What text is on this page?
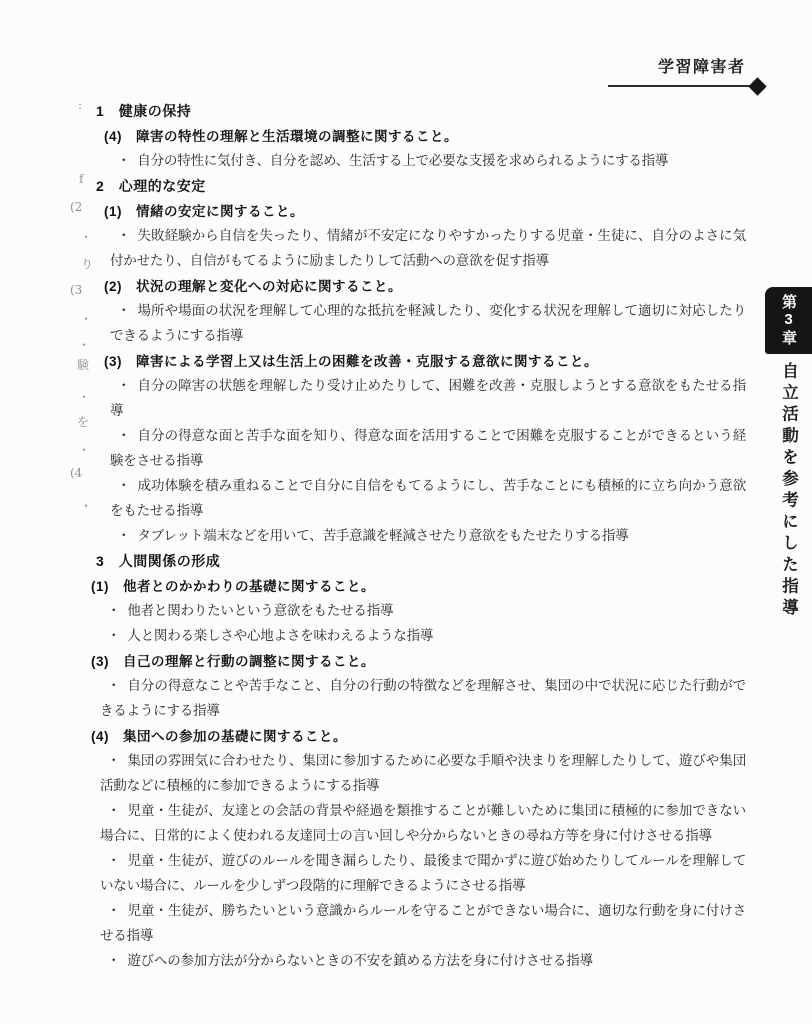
学習障害者
第3章
自立活動を参考にした指導
1　健康の保持
(4)　障害の特性の理解と生活環境の調整に関すること。
・ 自分の特性に気付き、自分を認め、生活する上で必要な支援を求められるようにする指導
2　心理的な安定
(1)　情緒の安定に関すること。
・ 失敗経験から自信を失ったり、情緒が不安定になりやすかったりする児童・生徒に、自分のよさに気付かせたり、自信がもてるように励ましたりして活動への意欲を促す指導
(2)　状況の理解と変化への対応に関すること。
・ 場所や場面の状況を理解して心理的な抵抗を軽減したり、変化する状況を理解して適切に対応したりできるようにする指導
(3)　障害による学習上又は生活上の困難を改善・克服する意欲に関すること。
・ 自分の障害の状態を理解したり受け止めたりして、困難を改善・克服しようとする意欲をもたせる指導
・ 自分の得意な面と苦手な面を知り、得意な面を活用することで困難を克服することができるという経験をさせる指導
・ 成功体験を積み重ねることで自分に自信をもてるようにし、苦手なことにも積極的に立ち向かう意欲をもたせる指導
・ タブレット端末などを用いて、苦手意識を軽減させたり意欲をもたせたりする指導
3　人間関係の形成
(1)　他者とのかかわりの基礎に関すること。
・ 他者と関わりたいという意欲をもたせる指導
・ 人と関わる楽しさや心地よさを味わえるような指導
(3)　自己の理解と行動の調整に関すること。
・ 自分の得意なことや苦手なこと、自分の行動の特徴などを理解させ、集団の中で状況に応じた行動ができるようにする指導
(4)　集団への参加の基礎に関すること。
・ 集団の雰囲気に合わせたり、集団に参加するために必要な手順や決まりを理解したりして、遊びや集団活動などに積極的に参加できるようにする指導
・ 児童・生徒が、友達との会話の背景や経過を類推することが難しいために集団に積極的に参加できない場合に、日常的によく使われる友達同士の言い回しや分からないときの尋ね方等を身に付けさせる指導
・ 児童・生徒が、遊びのルールを聞き漏らしたり、最後まで聞かずに遊び始めたりしてルールを理解していない場合に、ルールを少しずつ段階的に理解できるようにさせる指導
・ 児童・生徒が、勝ちたいという意識からルールを守ることができない場合に、適切な行動を身に付けさせる指導
・ 遊びへの参加方法が分からないときの不安を鎮める方法を身に付けさせる指導
:
f
(2
・
り
(3
・
・
験
・
を
・
(4
・
